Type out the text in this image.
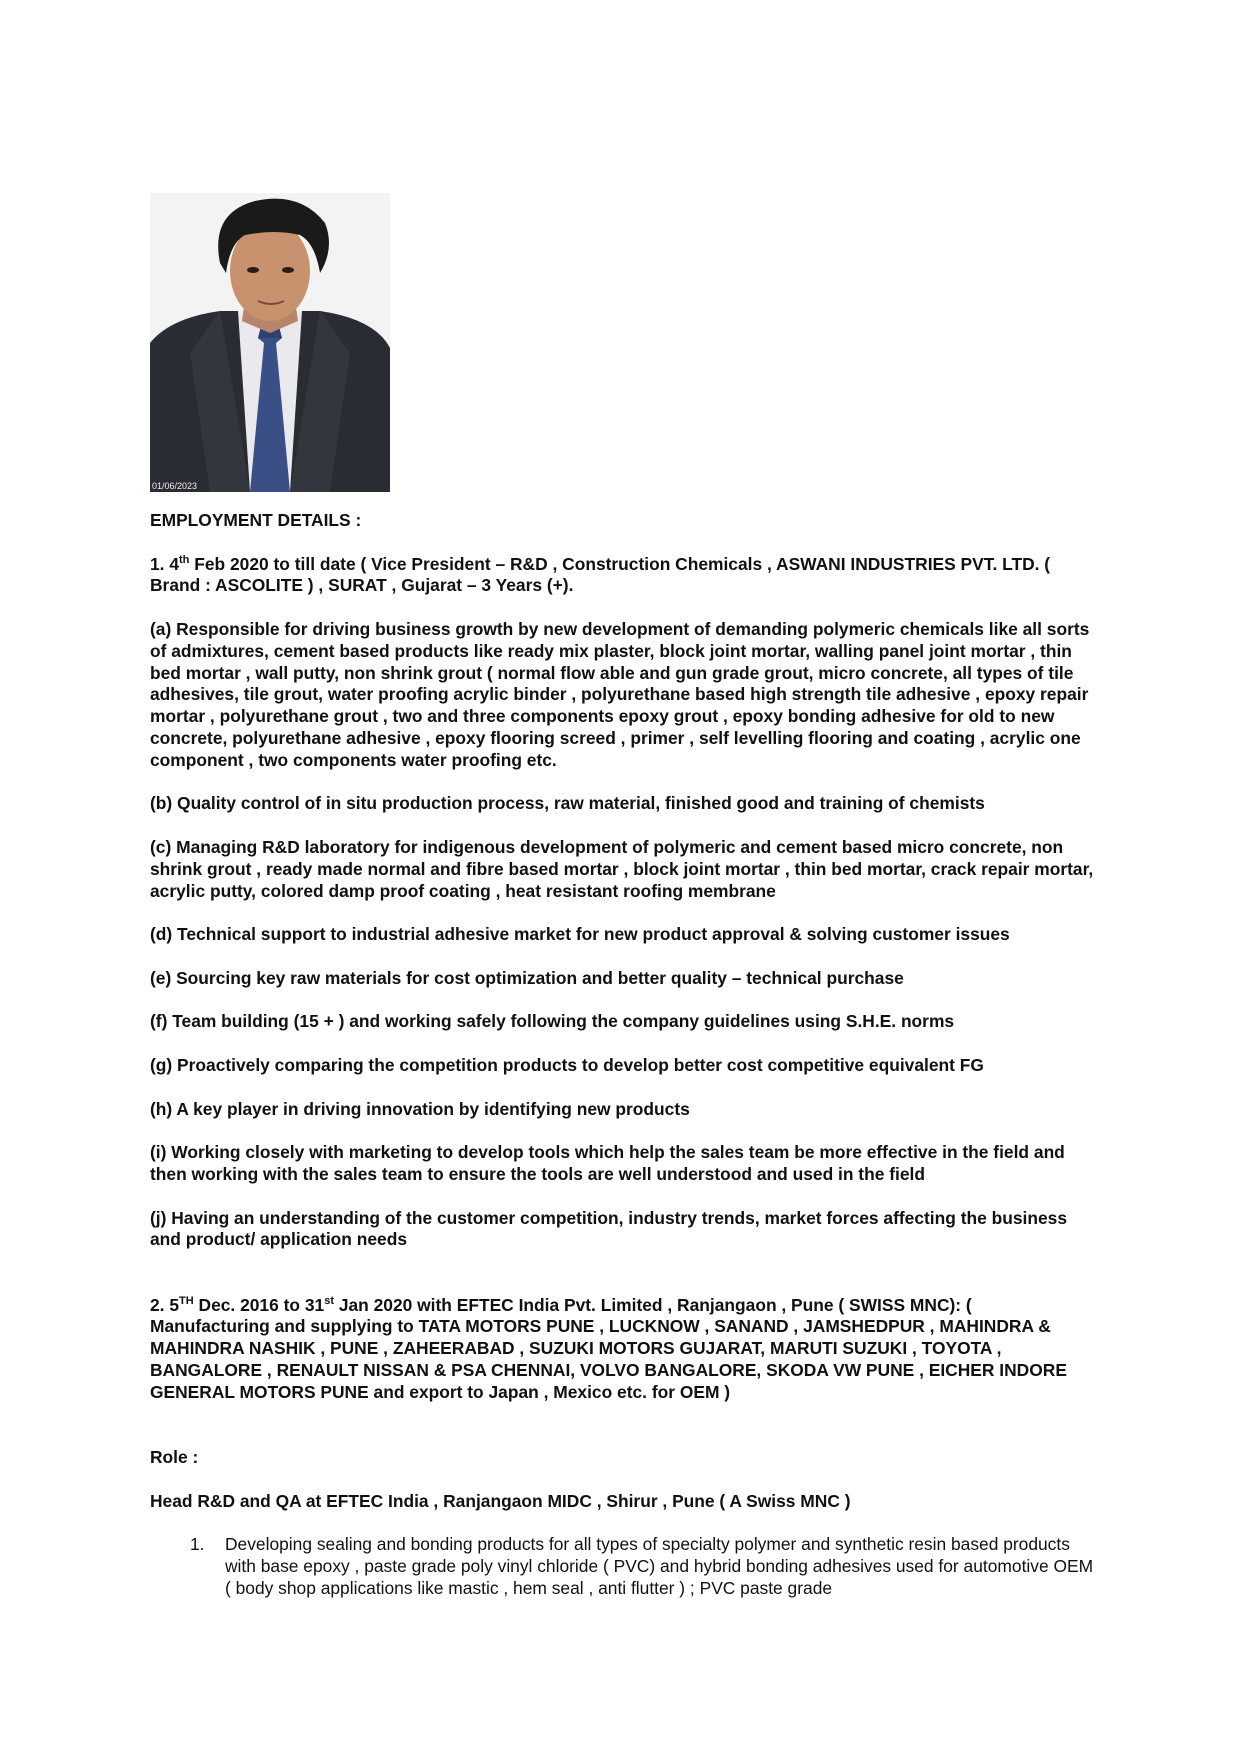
01/06/2023

EMPLOYMENT DETAILS :

1. 4th Feb 2020 to till date ( Vice President – R&D , Construction Chemicals , ASWANI INDUSTRIES PVT. LTD. ( Brand : ASCOLITE ) , SURAT , Gujarat – 3 Years (+).

(a) Responsible for driving business growth by new development of demanding polymeric chemicals like all sorts of admixtures, cement based products like ready mix plaster, block joint mortar, walling panel joint mortar , thin bed mortar , wall putty, non shrink grout ( normal flow able and gun grade grout, micro concrete, all types of tile adhesives, tile grout, water proofing acrylic binder , polyurethane based high strength tile adhesive , epoxy repair mortar , polyurethane grout , two and three components epoxy grout , epoxy bonding adhesive for old to new concrete, polyurethane adhesive , epoxy flooring screed , primer , self levelling flooring and coating , acrylic one component , two components water proofing etc.

(b) Quality control of in situ production process, raw material, finished good and training of chemists

(c) Managing R&D laboratory for indigenous development of polymeric and cement based micro concrete, non shrink grout , ready made normal and fibre based mortar , block joint mortar , thin bed mortar, crack repair mortar, acrylic putty, colored damp proof coating , heat resistant roofing membrane

(d) Technical support to industrial adhesive market for new product approval & solving customer issues

(e) Sourcing key raw materials for cost optimization and better quality – technical purchase

(f) Team building (15 + ) and working safely following the company guidelines using S.H.E. norms

(g) Proactively comparing the competition products to develop better cost competitive equivalent FG

(h) A key player in driving innovation by identifying new products

(i) Working closely with marketing to develop tools which help the sales team be more effective in the field and then working with the sales team to ensure the tools are well understood and used in the field

(j) Having an understanding of the customer competition, industry trends, market forces affecting the business and product/ application needs

2. 5TH Dec. 2016 to 31st Jan 2020 with EFTEC India Pvt. Limited , Ranjangaon , Pune ( SWISS MNC): ( Manufacturing and supplying to TATA MOTORS PUNE , LUCKNOW , SANAND , JAMSHEDPUR , MAHINDRA & MAHINDRA NASHIK , PUNE , ZAHEERABAD , SUZUKI MOTORS GUJARAT, MARUTI SUZUKI , TOYOTA , BANGALORE , RENAULT NISSAN & PSA CHENNAI, VOLVO BANGALORE, SKODA VW PUNE , EICHER INDORE GENERAL MOTORS PUNE and export to Japan , Mexico etc. for OEM )

Role :

Head R&D and QA at EFTEC India , Ranjangaon MIDC , Shirur , Pune ( A Swiss MNC )

1. Developing sealing and bonding products for all types of specialty polymer and synthetic resin based products with base epoxy , paste grade poly vinyl chloride ( PVC) and hybrid bonding adhesives used for automotive OEM ( body shop applications like mastic , hem seal , anti flutter ) ; PVC paste grade
